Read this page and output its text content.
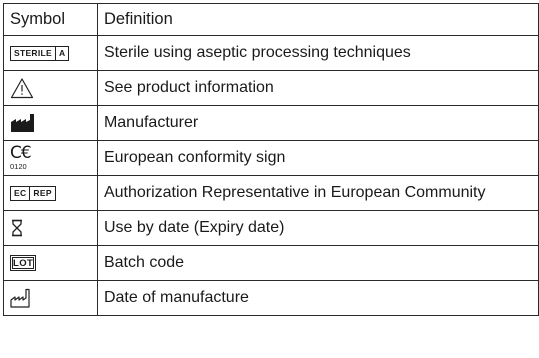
Symbol	Definition

STERILE A	Sterile using aseptic processing techniques

	See product information

	Manufacturer

C€
0120	European conformity sign

EC REP	Authorization Representative in European Community

	Use by date (Expiry date)

LOT	Batch code

	Date of manufacture
